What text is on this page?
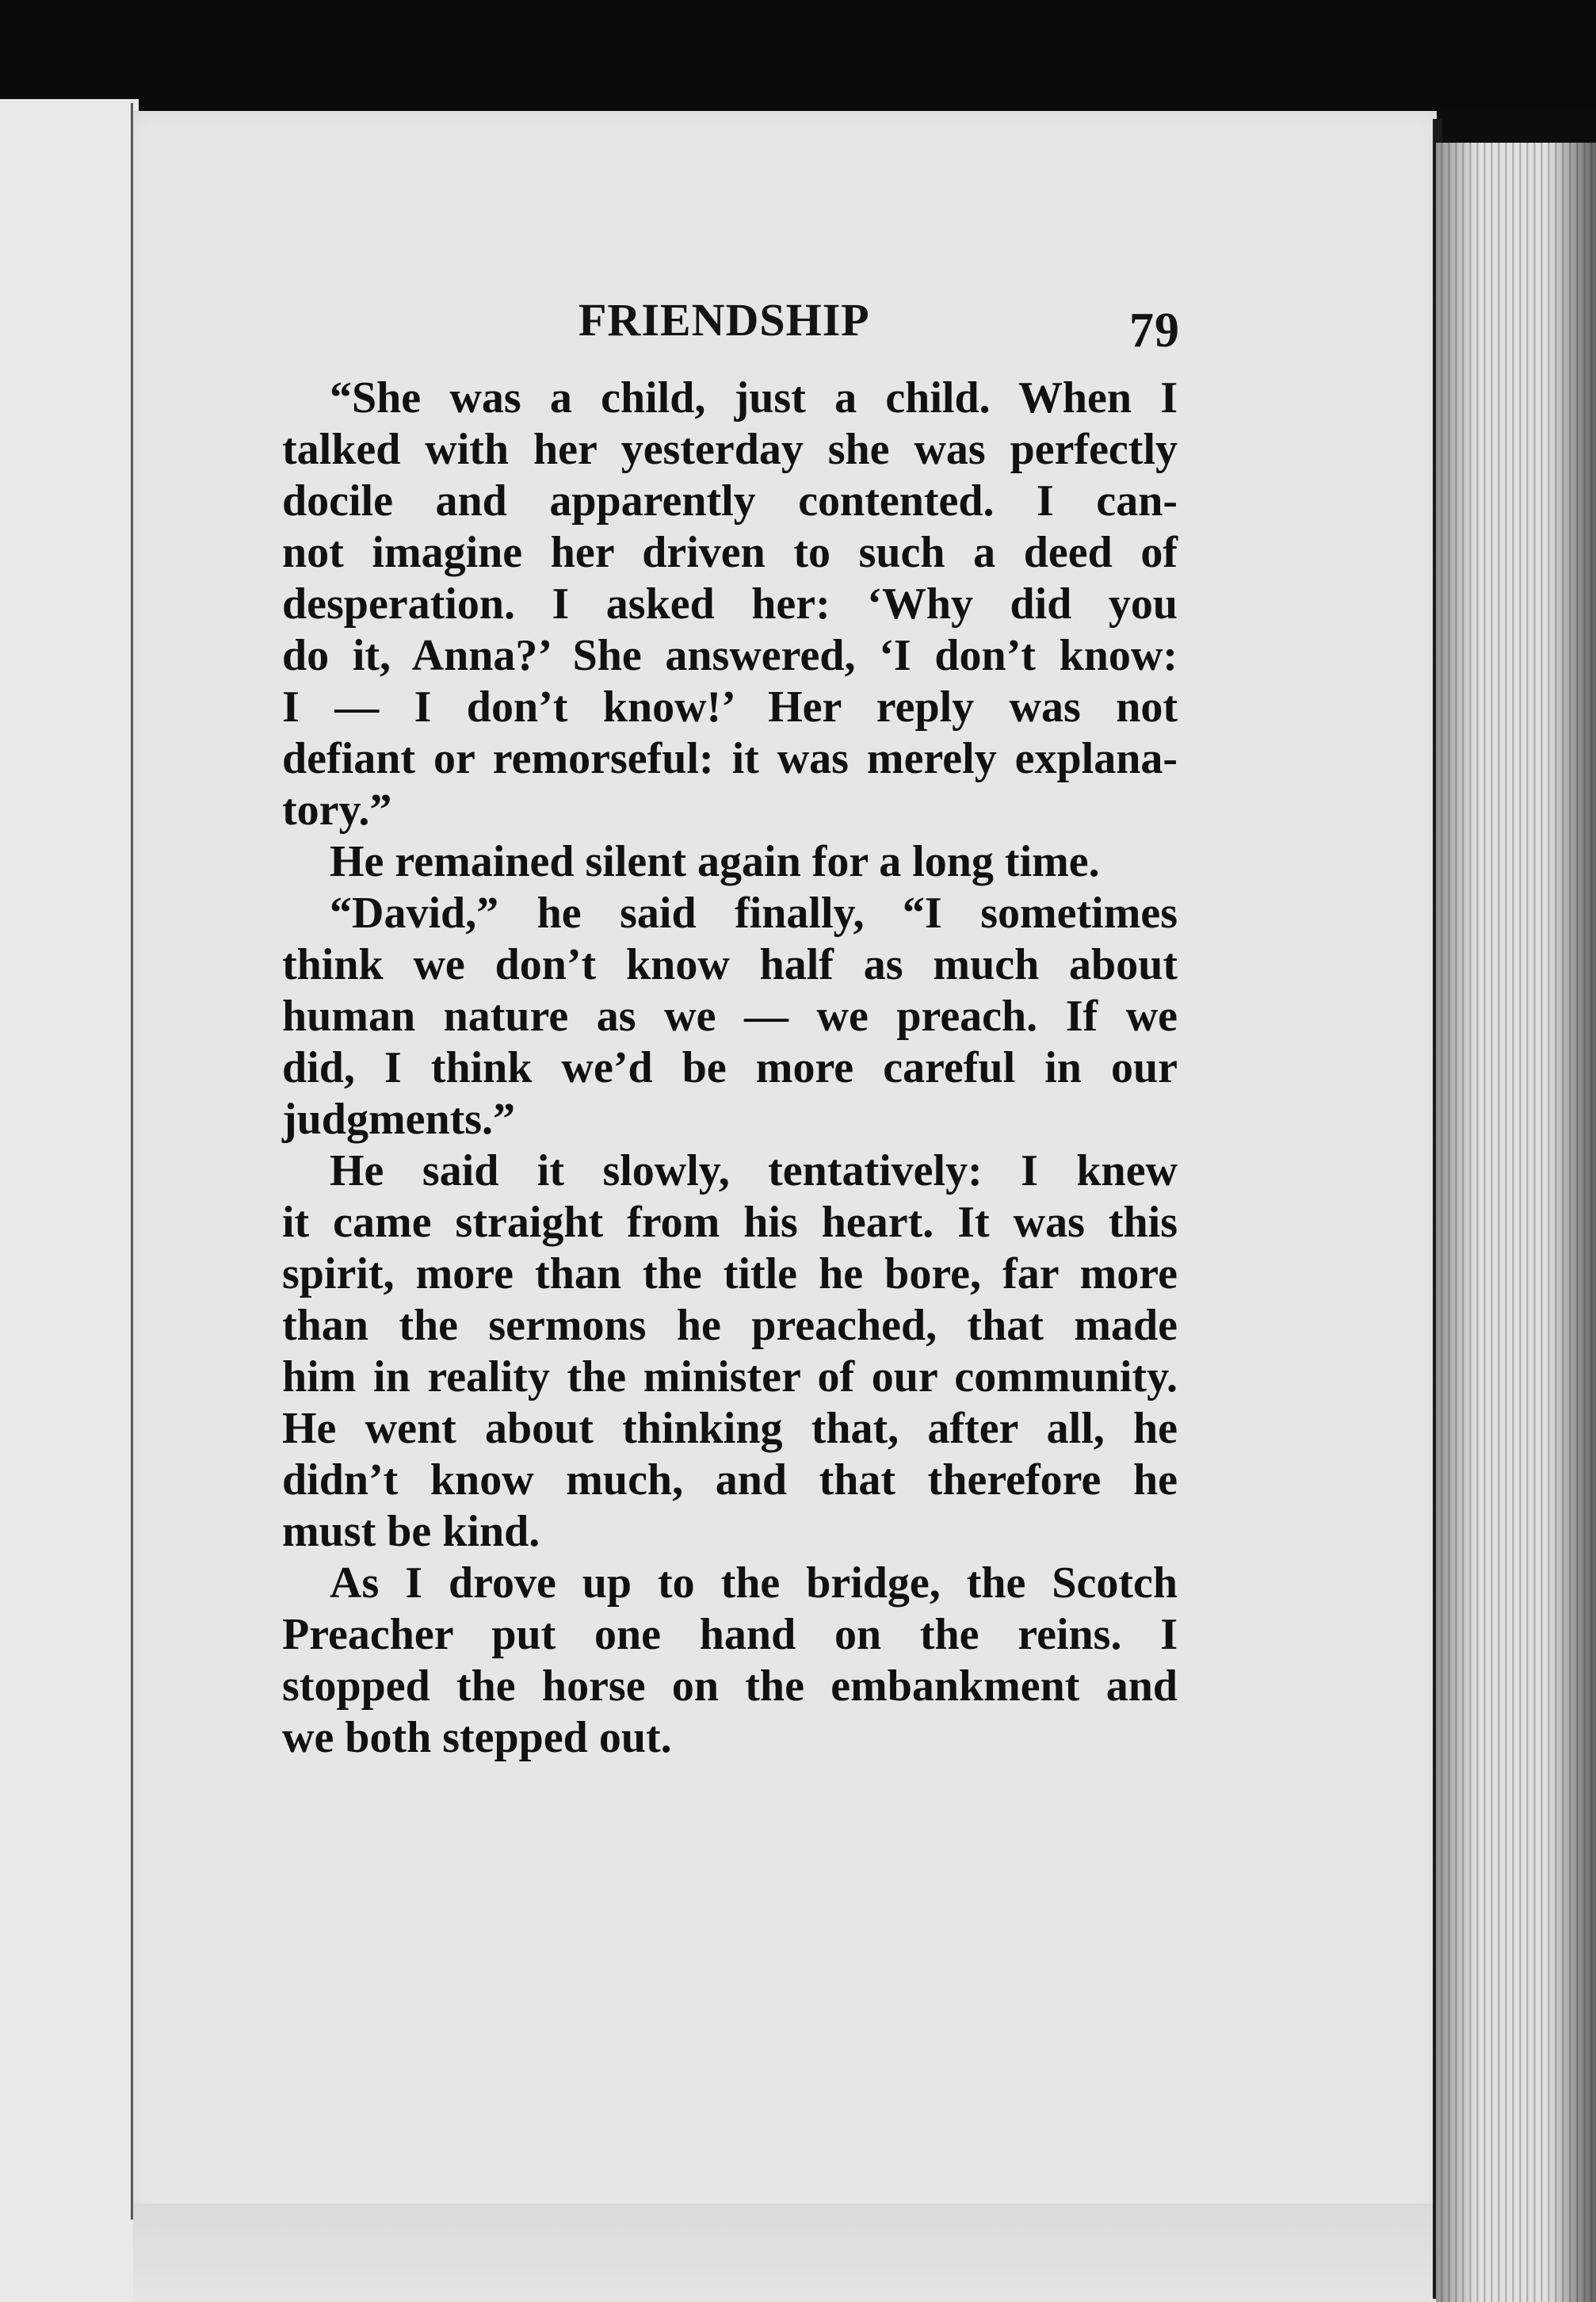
FRIENDSHIP	79
“She was a child, just a child. When I
talked with her yesterday she was perfectly
docile and apparently contented. I can-
not imagine her driven to such a deed of
desperation. I asked her: ‘Why did you
do it, Anna?’ She answered, ‘I don’t know:
I — I don’t know!’ Her reply was not
defiant or remorseful: it was merely explana-
tory.”
He remained silent again for a long time.
“David,” he said finally, “I sometimes
think we don’t know half as much about
human nature as we — we preach. If we
did, I think we’d be more careful in our
judgments.”
He said it slowly, tentatively: I knew
it came straight from his heart. It was this
spirit, more than the title he bore, far more
than the sermons he preached, that made
him in reality the minister of our community.
He went about thinking that, after all, he
didn’t know much, and that therefore he
must be kind.
As I drove up to the bridge, the Scotch
Preacher put one hand on the reins. I
stopped the horse on the embankment and
we both stepped out.
